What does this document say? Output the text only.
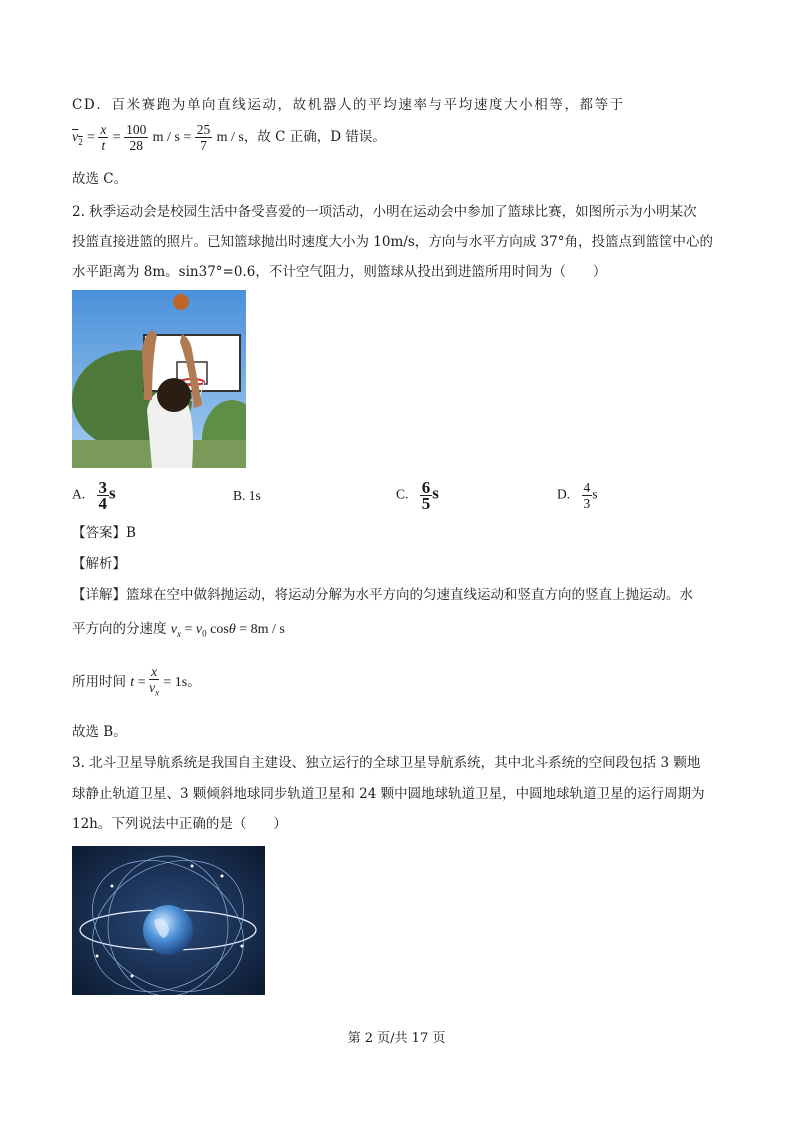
CD．百米赛跑为单向直线运动，故机器人的平均速率与平均速度大小相等，都等于
$v_2 = \frac{x}{t} = \frac{100}{28}$ $m / s = \frac{25}{7}$ m / s，故 C 正确，D 错误。
故选 C。
2. 秋季运动会是校园生活中备受喜爱的一项活动，小明在运动会中参加了篮球比赛，如图所示为小明某次
投篮直接进篮的照片。已知篮球抛出时速度大小为 10m/s，方向与水平方向成 37°角，投篮点到篮筐中心的
水平距离为 8m。sin37°=0.6，不计空气阻力，则篮球从投出到进篮所用时间为（　　）
A. $\frac{3}{4}$ s	B. 1s	C. $\frac{6}{5}$ s	D. $\frac{4}{3}$ s
【答案】B
【解析】
【详解】篮球在空中做斜抛运动，将运动分解为水平方向的匀速直线运动和竖直方向的竖直上抛运动。水
平方向的分速度 $v_x = v_0$ cosθ = 8m / s
所用时间 $t = \frac{x}{v_x} = 1s$。
故选 B。
3. 北斗卫星导航系统是我国自主建设、独立运行的全球卫星导航系统，其中北斗系统的空间段包括 3 颗地
球静止轨道卫星、3 颗倾斜地球同步轨道卫星和 24 颗中圆地球轨道卫星，中圆地球轨道卫星的运行周期为
12h。下列说法中正确的是（　　）
第 2 页/共 17 页
